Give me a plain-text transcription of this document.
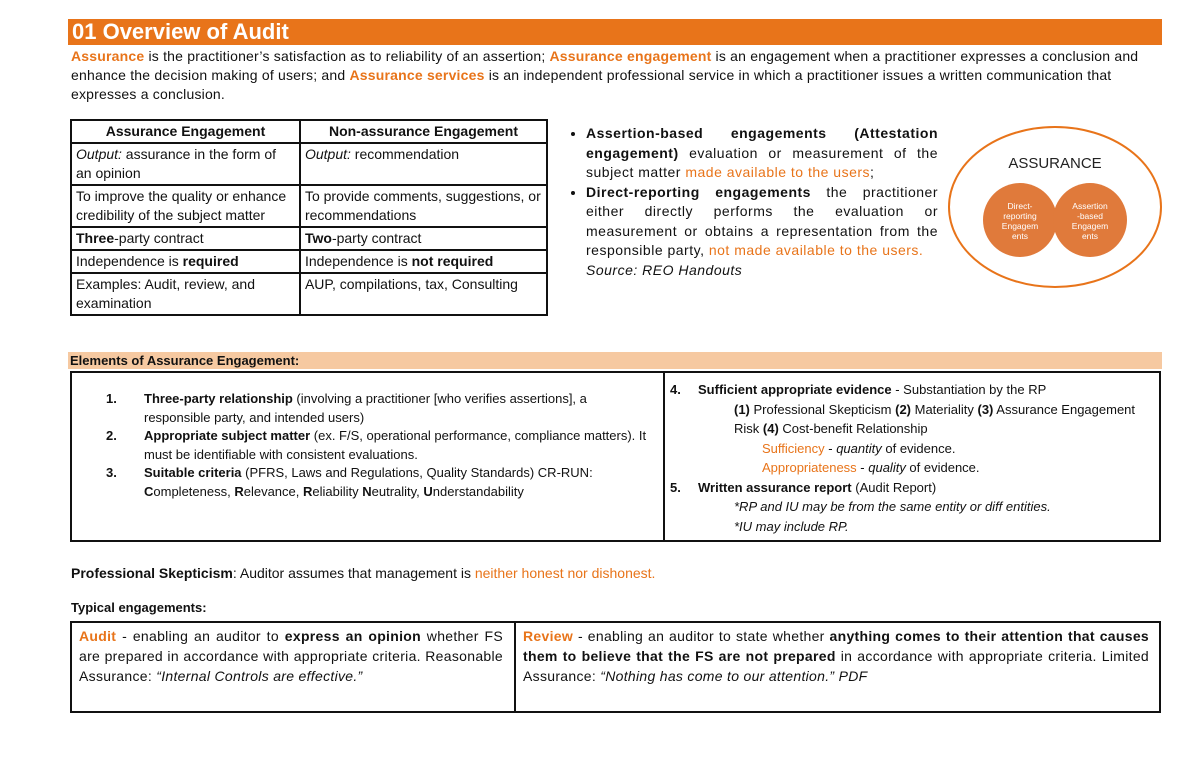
01 Overview of Audit
Assurance is the practitioner’s satisfaction as to reliability of an assertion; Assurance engagement is an engagement when a practitioner expresses a conclusion and enhance the decision making of users; and Assurance services is an independent professional service in which a practitioner issues a written communication that expresses a conclusion.
Assurance Engagement	Non-assurance Engagement
Output: assurance in the form of an opinion	Output: recommendation
To improve the quality or enhance credibility of the subject matter	To provide comments, suggestions, or recommendations
Three-party contract	Two-party contract
Independence is required	Independence is not required
Examples: Audit, review, and examination	AUP, compilations, tax, Consulting
• Assertion-based engagements (Attestation engagement) evaluation or measurement of the subject matter made available to the users;
• Direct-reporting engagements the practitioner either directly performs the evaluation or measurement or obtains a representation from the responsible party, not made available to the users.
Source: REO Handouts
ASSURANCE
Direct-
reporting
Engagem
ents
Assertion
-based
Engagem
ents
Elements of Assurance Engagement:
1.	Three-party relationship (involving a practitioner [who verifies assertions], a responsible party, and intended users)
2.	Appropriate subject matter (ex. F/S, operational performance, compliance matters). It must be identifiable with consistent evaluations.
3.	Suitable criteria (PFRS, Laws and Regulations, Quality Standards) CR-RUN: Completeness, Relevance, Reliability Neutrality, Understandability
4.	Sufficient appropriate evidence - Substantiation by the RP
(1) Professional Skepticism (2) Materiality (3) Assurance Engagement Risk (4) Cost-benefit Relationship
Sufficiency - quantity of evidence.
Appropriateness - quality of evidence.
5.	Written assurance report (Audit Report)
*RP and IU may be from the same entity or diff entities.
*IU may include RP.
Professional Skepticism: Auditor assumes that management is neither honest nor dishonest.
Typical engagements:
Audit - enabling an auditor to express an opinion whether FS are prepared in accordance with appropriate criteria. Reasonable Assurance: “Internal Controls are effective.”
Review - enabling an auditor to state whether anything comes to their attention that causes them to believe that the FS are not prepared in accordance with appropriate criteria. Limited Assurance: “Nothing has come to our attention.” PDF
